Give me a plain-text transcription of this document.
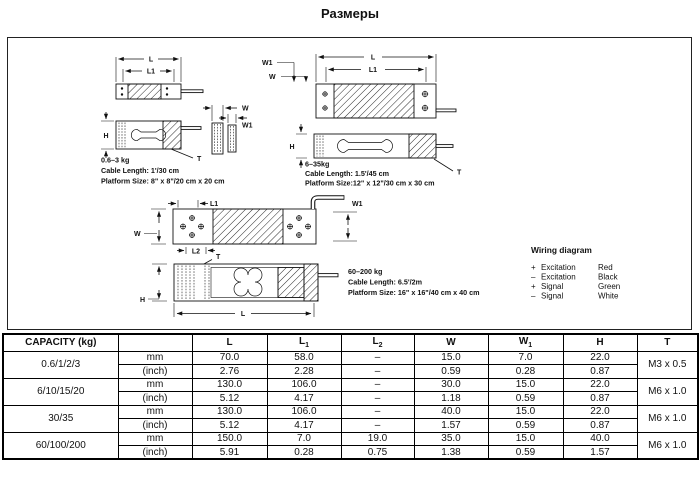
Размеры
L
L1
H
T
W
W1
0.6–3 kg
Cable Length: 1'/30 cm
Platform Size: 8" x 8"/20 cm x 20 cm
L
L1
W1
W
H
T
6–35kg
Cable Length: 1.5'/45 cm
Platform Size:12" x 12"/30 cm x 30 cm
L1	W1
W
L2
T
L
H
60–200 kg
Cable Length: 6.5'/2m
Platform Size: 16" x 16"/40 cm x 40 cm
Wiring diagram
+ Excitation	Red
– Excitation	Black
+ Signal	Green
– Signal	White
CAPACITY (kg)		L	$L_1$	$L_2$	W	$W_1$	H	T
0.6/1/2/3	mm	70.0	58.0	–	15.0	7.0	22.0	M3 x 0.5
	(inch)	2.76	2.28	–	0.59	0.28	0.87	
6/10/15/20	mm	130.0	106.0	–	30.0	15.0	22.0	M6 x 1.0
	(inch)	5.12	4.17	–	1.18	0.59	0.87	
30/35	mm	130.0	106.0	–	40.0	15.0	22.0	M6 x 1.0
	(inch)	5.12	4.17	–	1.57	0.59	0.87	
60/100/200	mm	150.0	7.0	19.0	35.0	15.0	40.0	M6 x 1.0
	(inch)	5.91	0.28	0.75	1.38	0.59	1.57	
